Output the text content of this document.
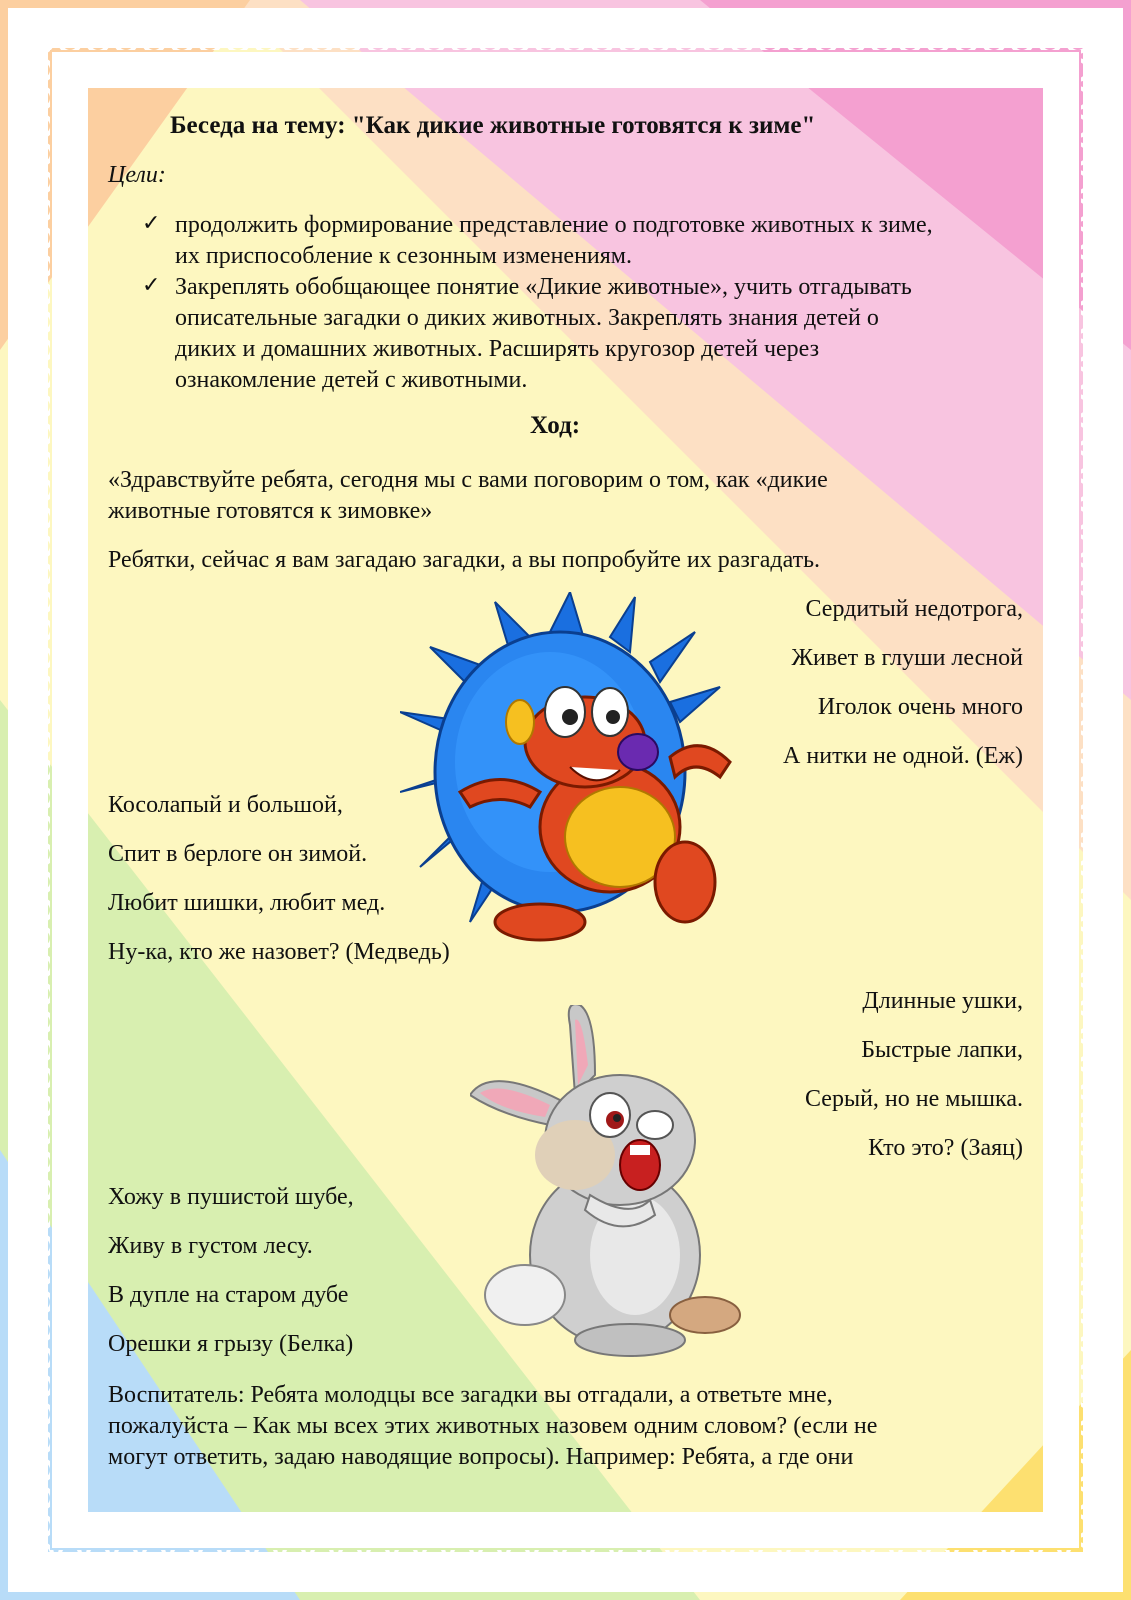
Беседа на тему: "Как дикие животные готовятся к зиме"
Цели:
✓ продолжить формирование представление о подготовке животных к зиме,
их приспособление к сезонным изменениям.
✓ Закреплять обобщающее понятие «Дикие животные», учить отгадывать
описательные загадки о диких животных. Закреплять знания детей о
диких и домашних животных. Расширять кругозор детей через
ознакомление детей с животными.
Ход:
«Здравствуйте ребята, сегодня мы с вами поговорим о том, как «дикие
животные готовятся к зимовке»
Ребятки, сейчас я вам загадаю загадки, а вы попробуйте их разгадать.
Сердитый недотрога,
Живет в глуши лесной
Иголок очень много
А нитки не одной. (Еж)
Косолапый и большой,
Спит в берлоге он зимой.
Любит шишки, любит мед.
Ну-ка, кто же назовет? (Медведь)
Длинные ушки,
Быстрые лапки,
Серый, но не мышка.
Кто это? (Заяц)
Хожу в пушистой шубе,
Живу в густом лесу.
В дупле на старом дубе
Орешки я грызу (Белка)
Воспитатель: Ребята молодцы все загадки вы отгадали, а ответьте мне,
пожалуйста – Как мы всех этих животных назовем одним словом? (если не
могут ответить, задаю наводящие вопросы). Например: Ребята, а где они
